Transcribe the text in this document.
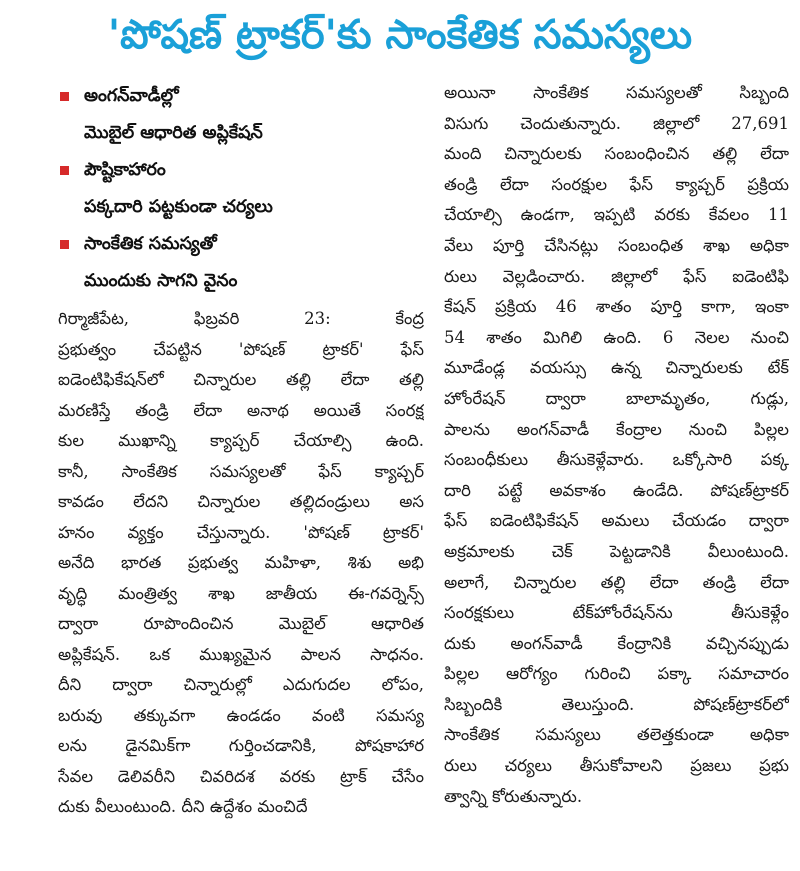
'పోషణ్ ట్రాకర్'కు సాంకేతిక సమస్యలు
అంగన్‌వాడీల్లో
మొబైల్ ఆధారిత అప్లికేషన్
పౌష్టికాహారం
పక్కదారి పట్టకుండా చర్యలు
సాంకేతిక సమస్యతో
ముందుకు సాగని వైనం
గిర్మాజీపేట, ఫిబ్రవరి 23: కేంద్ర
ప్రభుత్వం చేపట్టిన 'పోషణ్ ట్రాకర్' ఫేస్
ఐడెంటిఫికేషన్‌లో చిన్నారుల తల్లి లేదా తల్లి
మరణిస్తే తండ్రి లేదా అనాథ అయితే సంరక్ష
కుల ముఖాన్ని క్యాప్చర్ చేయాల్సి ఉంది.
కానీ, సాంకేతిక సమస్యలతో ఫేస్ క్యాప్చర్
కావడం లేదని చిన్నారుల తల్లిదండ్రులు అస
హనం వ్యక్తం చేస్తున్నారు. 'పోషణ్ ట్రాకర్'
అనేది భారత ప్రభుత్వ మహిళా, శిశు అభి
వృద్ధి మంత్రిత్వ శాఖ జాతీయ ఈ-గవర్నెన్స్
ద్వారా రూపొందించిన మొబైల్ ఆధారిత
అప్లికేషన్. ఒక ముఖ్యమైన పాలన సాధనం.
దీని ద్వారా చిన్నారుల్లో ఎదుగుదల లోపం,
బరువు తక్కువగా ఉండడం వంటి సమస్య
లను డైనమిక్‌గా గుర్తించడానికి, పోషకాహార
సేవల డెలివరీని చివరిదశ వరకు ట్రాక్ చేసేం
దుకు వీలుంటుంది. దీని ఉద్దేశం మంచిదే
అయినా సాంకేతిక సమస్యలతో సిబ్బంది
విసుగు చెందుతున్నారు. జిల్లాలో 27,691
మంది చిన్నారులకు సంబంధించిన తల్లి లేదా
తండ్రి లేదా సంరక్షుల ఫేస్ క్యాప్చర్ ప్రక్రియ
చేయాల్సి ఉండగా, ఇప్పటి వరకు కేవలం 11
వేలు పూర్తి చేసినట్లు సంబంధిత శాఖ అధికా
రులు వెల్లడించారు. జిల్లాలో ఫేస్ ఐడెంటిఫి
కేషన్ ప్రక్రియ 46 శాతం పూర్తి కాగా, ఇంకా
54 శాతం మిగిలి ఉంది. 6 నెలల నుంచి
మూడేండ్ల వయస్సు ఉన్న చిన్నారులకు టేక్
హోం‌రేషన్ ద్వారా బాలామృతం, గుడ్లు,
పాలను అంగన్‌వాడీ కేంద్రాల నుంచి పిల్లల
సంబంధీకులు తీసుకెళ్లేవారు. ఒక్కోసారి పక్క
దారి పట్టే అవకాశం ఉండేది. పోషణ్‌ట్రాకర్
ఫేస్ ఐడెంటిఫికేషన్ అమలు చేయడం ద్వారా
అక్రమాలకు చెక్ పెట్టడానికి వీలుంటుంది.
అలాగే, చిన్నారుల తల్లి లేదా తండ్రి లేదా
సంరక్షకులు టేక్‌హోం‌రేషన్‌ను తీసుకెళ్లేం
దుకు అంగన్‌వాడీ కేంద్రానికి వచ్చినప్పుడు
పిల్లల ఆరోగ్యం గురించి పక్కా సమాచారం
సిబ్బందికి తెలుస్తుంది. పోషణ్‌ట్రాకర్‌లో
సాంకేతిక సమస్యలు తలెత్తకుండా అధికా
రులు చర్యలు తీసుకోవాలని ప్రజలు ప్రభు
త్వాన్ని కోరుతున్నారు.
